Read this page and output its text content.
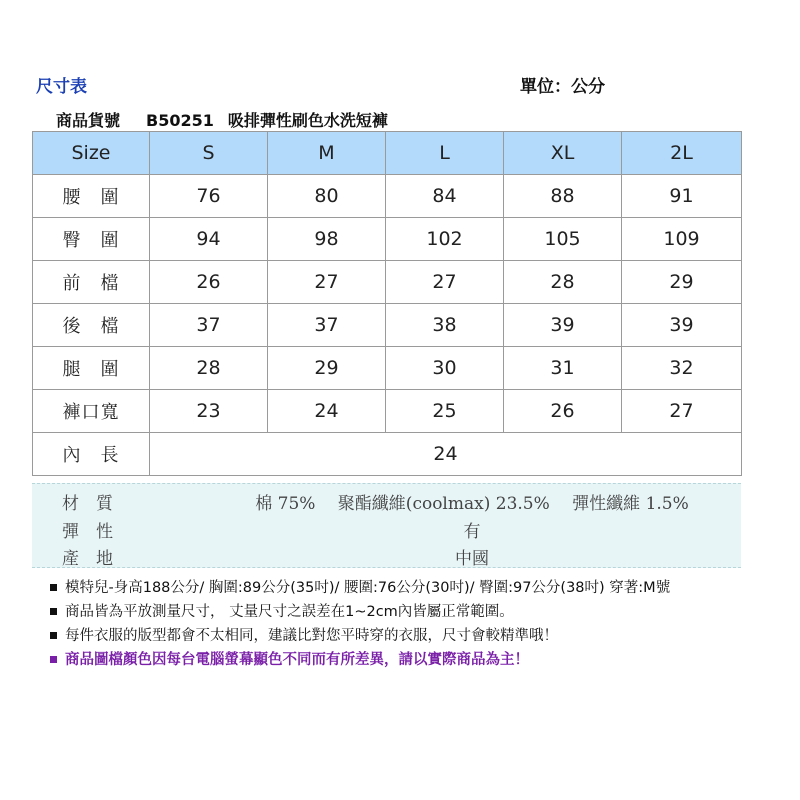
尺寸表	單位：公分
商品貨號 B50251 吸排彈性刷色水洗短褲
Size	S	M	L	XL	2L
腰　圍	76	80	84	88	91
臀　圍	94	98	102	105	109
前　檔	26	27	27	28	29
後　檔	37	37	38	39	39
腿　圍	28	29	30	31	32
褲口寬	23	24	25	26	27
內　長	24				
材　質	棉 75%　 聚酯纖維(coolmax) 23.5%　 彈性纖維 1.5%
彈　性	有
產　地	中國
模特兒-身高188公分/ 胸圍:89公分(35吋)/ 腰圍:76公分(30吋)/ 臀圍:97公分(38吋) 穿著:M號
商品皆為平放測量尺寸， 丈量尺寸之誤差在1~2cm內皆屬正常範圍。
每件衣服的版型都會不太相同，建議比對您平時穿的衣服，尺寸會較精準哦！
商品圖檔顏色因每台電腦螢幕顯色不同而有所差異，請以實際商品為主！
